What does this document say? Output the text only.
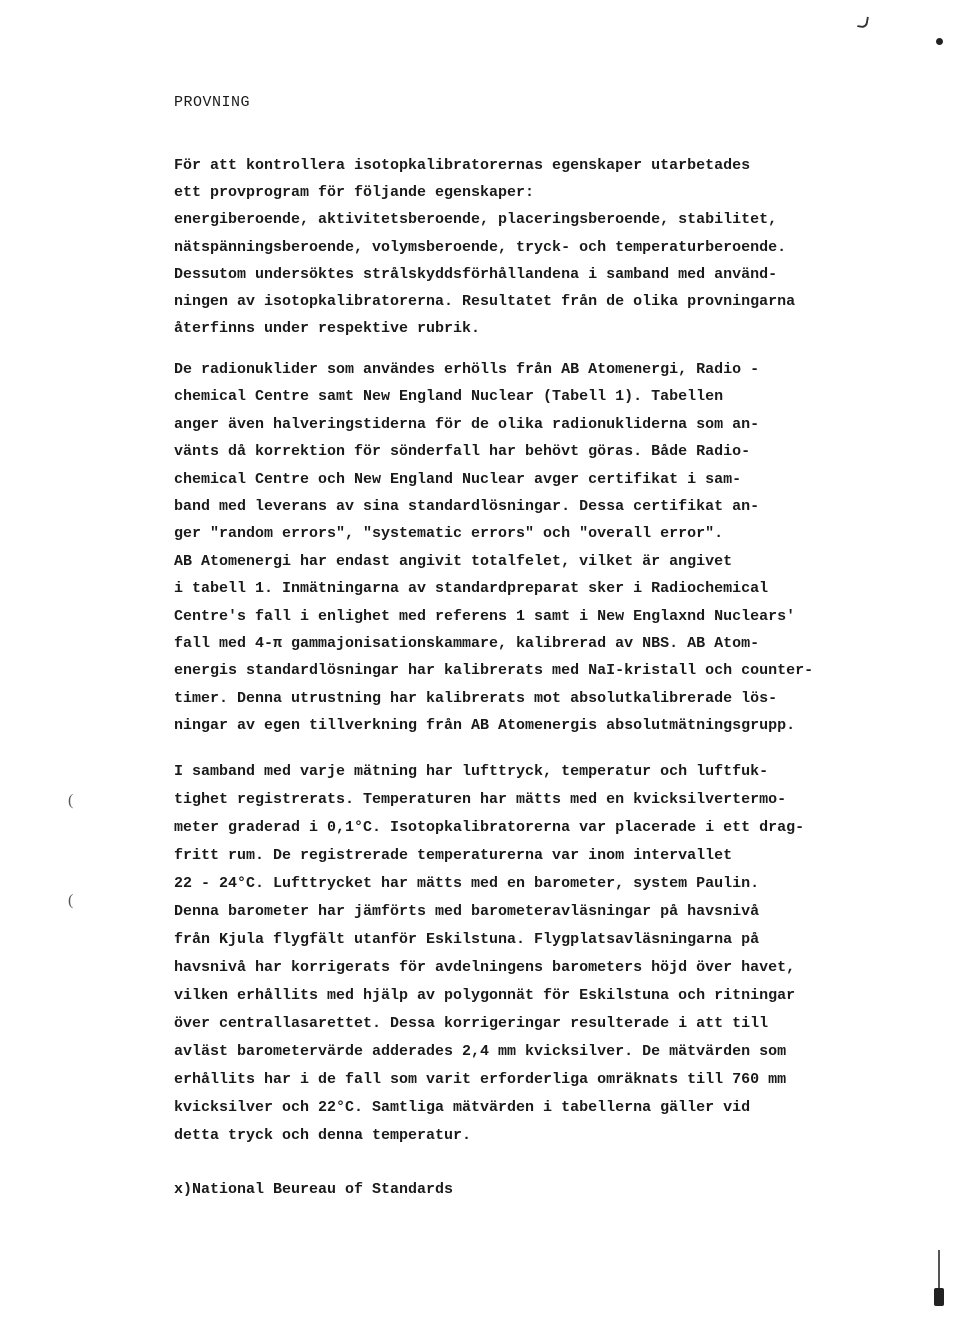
PROVNING

För att kontrollera isotopkalibratorernas egenskaper utarbetades
ett provprogram för följande egenskaper:
energiberoende, aktivitetsberoende, placeringsberoende, stabilitet,
nätspänningsberoende, volymsberoende, tryck- och temperaturberoende.
Dessutom undersöktes strålskyddsförhållandena i samband med använd-
ningen av isotopkalibratorerna. Resultatet från de olika provningarna
återfinns under respektive rubrik.

De radionuklider som användes erhölls från AB Atomenergi, Radio -
chemical Centre samt New England Nuclear (Tabell 1). Tabellen
anger även halveringstiderna för de olika radionukliderna som an-
vänts då korrektion för sönderfall har behövt göras. Både Radio-
chemical Centre och New England Nuclear avger certifikat i sam-
band med leverans av sina standardlösningar. Dessa certifikat an-
ger "random errors", "systematic errors" och "overall error".
AB Atomenergi har endast angivit totalfelet, vilket är angivet
i tabell 1. Inmätningarna av standardpreparat sker i Radiochemical
Centre's fall i enlighet med referens 1 samt i New Englaxnd Nuclears'
fall med 4-π gammajonisationskammare, kalibrerad av NBS. AB Atom-
energis standardlösningar har kalibrerats med NaI-kristall och counter-
timer. Denna utrustning har kalibrerats mot absolutkalibrerade lös-
ningar av egen tillverkning från AB Atomenergis absolutmätningsgrupp.

(
(

I samband med varje mätning har lufttryck, temperatur och luftfuk-
tighet registrerats. Temperaturen har mätts med en kvicksilvertermo-
meter graderad i 0,1°C. Isotopkalibratorerna var placerade i ett drag-
fritt rum. De registrerade temperaturerna var inom intervallet
22 - 24°C. Lufttrycket har mätts med en barometer, system Paulin.
Denna barometer har jämförts med barometeravläsningar på havsnivå
från Kjula flygfält utanför Eskilstuna. Flygplatsavläsningarna på
havsnivå har korrigerats för avdelningens barometers höjd över havet,
vilken erhållits med hjälp av polygonnät för Eskilstuna och ritningar
över centrallasarettet. Dessa korrigeringar resulterade i att till
avläst barometervärde adderades 2,4 mm kvicksilver. De mätvärden som
erhållits har i de fall som varit erforderliga omräknats till 760 mm
kvicksilver och 22°C. Samtliga mätvärden i tabellerna gäller vid
detta tryck och denna temperatur.

x)National Beureau of Standards
